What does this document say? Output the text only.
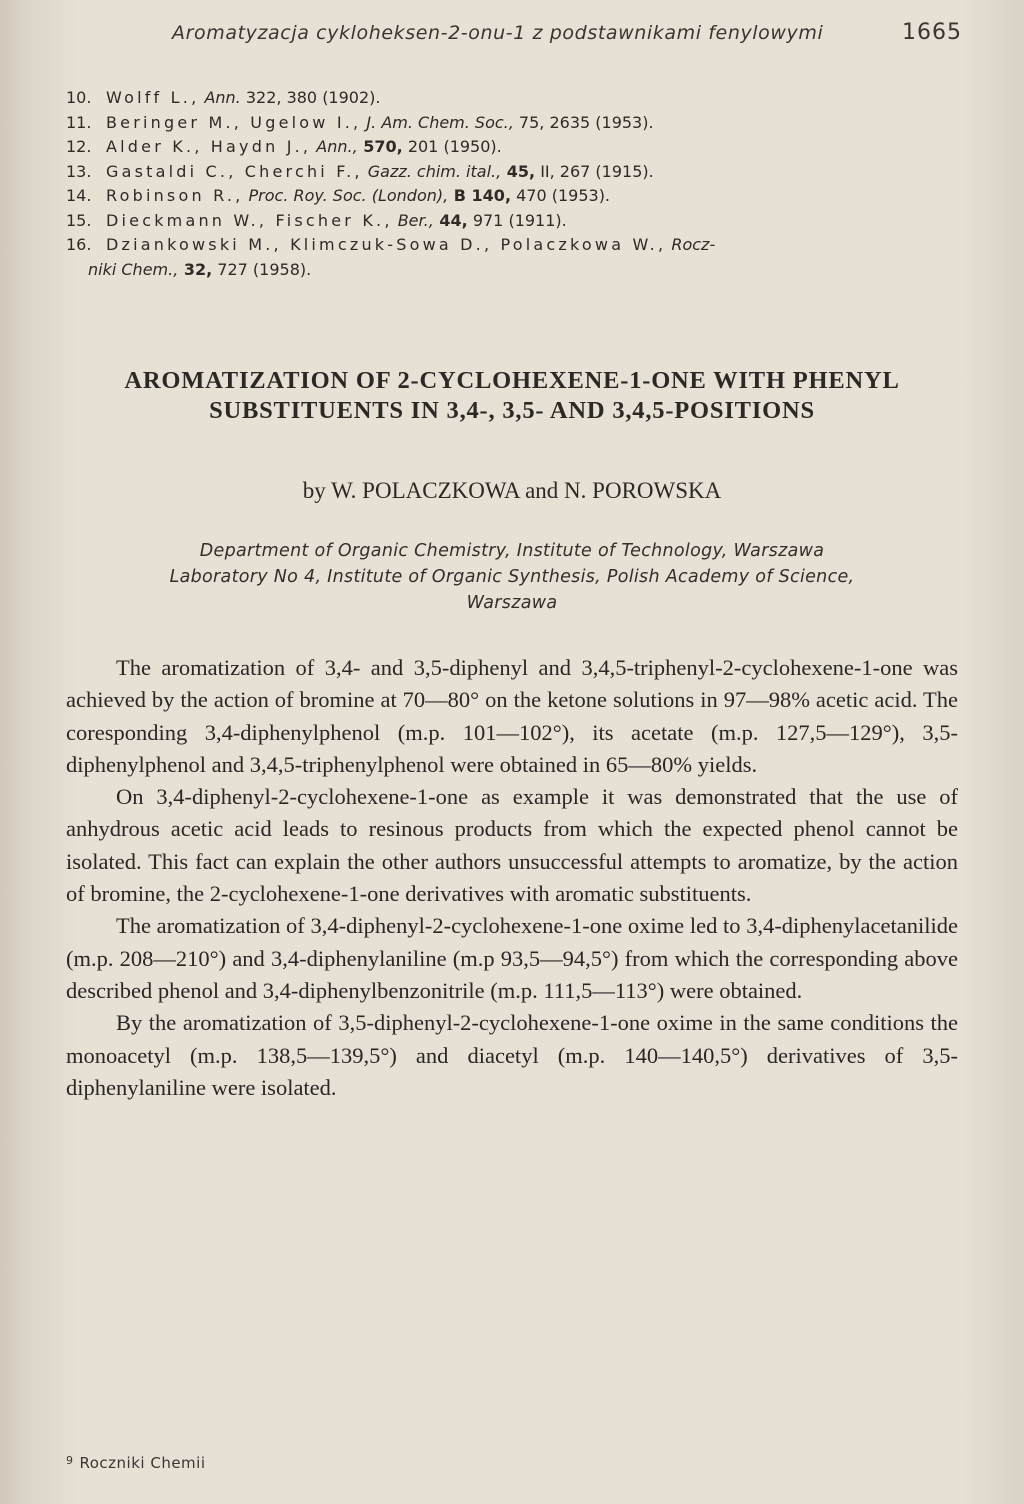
Aromatyzacja cykloheksen-2-onu-1 z podstawnikami fenylowymi	1665
10. Wolff L., Ann. 322, 380 (1902).
11. Beringer M., Ugelow I., J. Am. Chem. Soc., 75, 2635 (1953).
12. Alder K., Haydn J., Ann., 570, 201 (1950).
13. Gastaldi C., Cherchi F., Gazz. chim. ital., 45, II, 267 (1915).
14. Robinson R., Proc. Roy. Soc. (London), B 140, 470 (1953).
15. Dieckmann W., Fischer K., Ber., 44, 971 (1911).
16. Dziankowski M., Klimczuk-Sowa D., Polaczkowa W., Rocz-
niki Chem., 32, 727 (1958).
AROMATIZATION OF 2-CYCLOHEXENE-1-ONE WITH PHENYL
SUBSTITUENTS IN 3,4-, 3,5- AND 3,4,5-POSITIONS
by W. POLACZKOWA and N. POROWSKA
Department of Organic Chemistry, Institute of Technology, Warszawa
Laboratory No 4, Institute of Organic Synthesis, Polish Academy of Science,
Warszawa

The aromatization of 3,4- and 3,5-diphenyl and 3,4,5-triphenyl-2-cyclohexene-1-one was achieved by the action of bromine at 70—80° on the ketone solutions in 97—98% acetic acid. The coresponding 3,4-diphenylphenol (m.p. 101—102°), its acetate (m.p. 127,5—129°), 3,5-diphenylphenol and 3,4,5-triphenylphenol were obtained in 65—80% yields.

On 3,4-diphenyl-2-cyclohexene-1-one as example it was demonstrated that the use of anhydrous acetic acid leads to resinous products from which the expected phenol cannot be isolated. This fact can explain the other authors unsuccessful attempts to aromatize, by the action of bromine, the 2-cyclohexene-1-one derivatives with aromatic substituents.

The aromatization of 3,4-diphenyl-2-cyclohexene-1-one oxime led to 3,4-diphenylacetanilide (m.p. 208—210°) and 3,4-diphenylaniline (m.p 93,5—94,5°) from which the corresponding above described phenol and 3,4-diphenylbenzonitrile (m.p. 111,5—113°) were obtained.

By the aromatization of 3,5-diphenyl-2-cyclohexene-1-one oxime in the same conditions the monoacetyl (m.p. 138,5—139,5°) and diacetyl (m.p. 140—140,5°) derivatives of 3,5-diphenylaniline were isolated.

$^9$ Roczniki Chemii
